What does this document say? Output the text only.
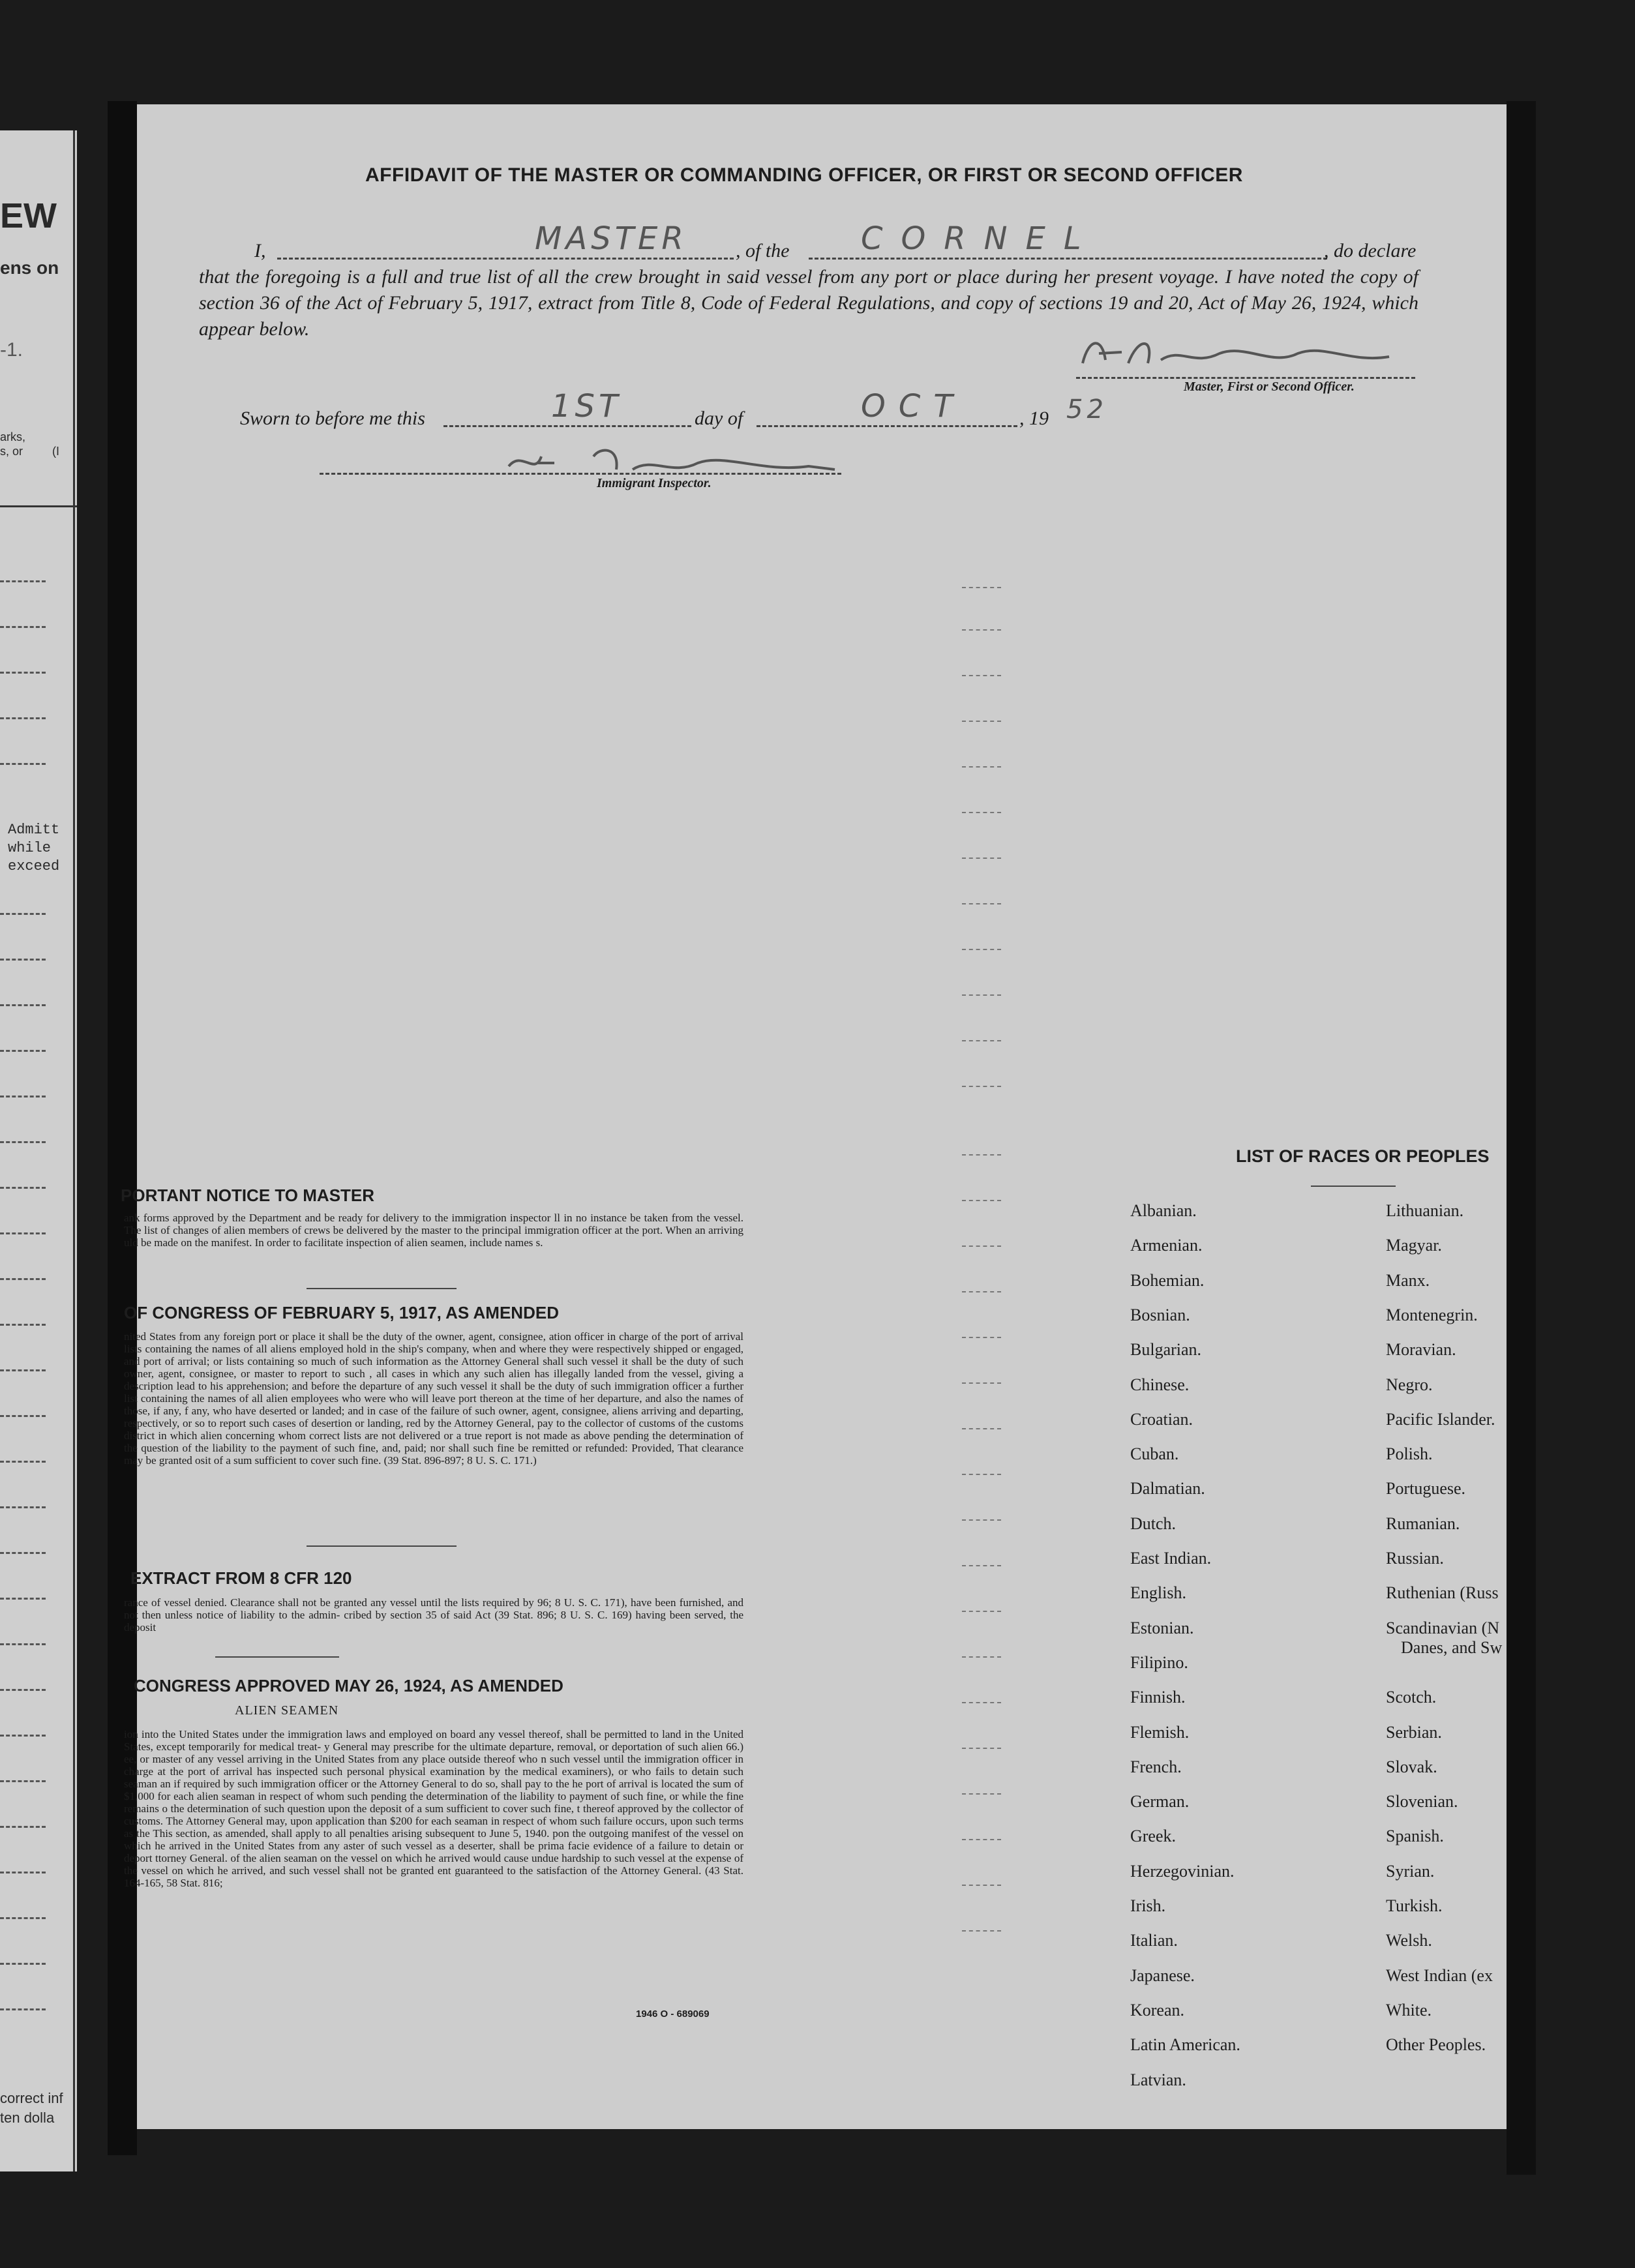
EW
ens on
-1.
arks,
s, or (I
Admitt
while
exceed
correct inf
ten dolla
AFFIDAVIT OF THE MASTER OR COMMANDING OFFICER, OR FIRST OR SECOND OFFICER
I,	MASTER , of the CORNEL	, do declare
that the foregoing is a full and true list of all the crew brought in said vessel from any port or place during her present voyage. I have noted the copy of section 36 of the Act of February 5, 1917, extract from Title 8, Code of Federal Regulations, and copy of sections 19 and 20, Act of May 26, 1924, which appear below.
Master, First or Second Officer.
Sworn to before me this	1ST	day of	OCT	, 19 52
Immigrant Inspector.
PORTANT NOTICE TO MASTER
ank forms approved by the Department and be ready for delivery to the immigration inspector ll in no instance be taken from the vessel. The list of changes of alien members of crews be delivered by the master to the principal immigration officer at the port. When an arriving uld be made on the manifest. In order to facilitate inspection of alien seamen, include names s.
OF CONGRESS OF FEBRUARY 5, 1917, AS AMENDED
nited States from any foreign port or place it shall be the duty of the owner, agent, consignee, ation officer in charge of the port of arrival lists containing the names of all aliens employed hold in the ship's company, when and where they were respectively shipped or engaged, and port of arrival; or lists containing so much of such information as the Attorney General shall such vessel it shall be the duty of such owner, agent, consignee, or master to report to such , all cases in which any such alien has illegally landed from the vessel, giving a description lead to his apprehension; and before the departure of any such vessel it shall be the duty of such immigration officer a further list containing the names of all alien employees who were who will leave port thereon at the time of her departure, and also the names of those, if any, f any, who have deserted or landed; and in case of the failure of such owner, agent, consignee, aliens arriving and departing, respectively, or so to report such cases of desertion or landing, red by the Attorney General, pay to the collector of customs of the customs district in which alien concerning whom correct lists are not delivered or a true report is not made as above pending the determination of the question of the liability to the payment of such fine, and, paid; nor shall such fine be remitted or refunded: Provided, That clearance may be granted osit of a sum sufficient to cover such fine. (39 Stat. 896-897; 8 U. S. C. 171.)
EXTRACT FROM 8 CFR 120
rance of vessel denied. Clearance shall not be granted any vessel until the lists required by 96; 8 U. S. C. 171), have been furnished, and not then unless notice of liability to the admin- cribed by section 35 of said Act (39 Stat. 896; 8 U. S. C. 169) having been served, the deposit
CONGRESS APPROVED MAY 26, 1924, AS AMENDED
ALIEN SEAMEN
ion into the United States under the immigration laws and employed on board any vessel thereof, shall be permitted to land in the United States, except temporarily for medical treat- y General may prescribe for the ultimate departure, removal, or deportation of such alien 66.) ee, or master of any vessel arriving in the United States from any place outside thereof who n such vessel until the immigration officer in charge at the port of arrival has inspected such personal physical examination by the medical examiners), or who fails to detain such seaman an if required by such immigration officer or the Attorney General to do so, shall pay to the he port of arrival is located the sum of $1,000 for each alien seaman in respect of whom such pending the determination of the liability to payment of such fine, or while the fine remains o the determination of such question upon the deposit of a sum sufficient to cover such fine, t thereof approved by the collector of customs. The Attorney General may, upon application than $200 for each seaman in respect of whom such failure occurs, upon such terms as the This section, as amended, shall apply to all penalties arising subsequent to June 5, 1940. pon the outgoing manifest of the vessel on which he arrived in the United States from any aster of such vessel as a deserter, shall be prima facie evidence of a failure to detain or deport ttorney General. of the alien seaman on the vessel on which he arrived would cause undue hardship to such vessel at the expense of the vessel on which he arrived, and such vessel shall not be granted ent guaranteed to the satisfaction of the Attorney General. (43 Stat. 164-165, 58 Stat. 816;
1946 O - 689069
LIST OF RACES OR PEOPLES
Albanian.
Armenian.
Bohemian.
Bosnian.
Bulgarian.
Chinese.
Croatian.
Cuban.
Dalmatian.
Dutch.
East Indian.
English.
Estonian.
Filipino.
Finnish.
Flemish.
French.
German.
Greek.
Herzegovinian.
Irish.
Italian.
Japanese.
Korean.
Latin American.
Latvian.
Lithuanian.
Magyar.
Manx.
Montenegrin.
Moravian.
Negro.
Pacific Islander.
Polish.
Portuguese.
Rumanian.
Russian.
Ruthenian (Russ
Scandinavian (N
Scotch.
Serbian.
Slovak.
Slovenian.
Spanish.
Syrian.
Turkish.
Welsh.
West Indian (ex
White.
Other Peoples.
Danes, and Sw
